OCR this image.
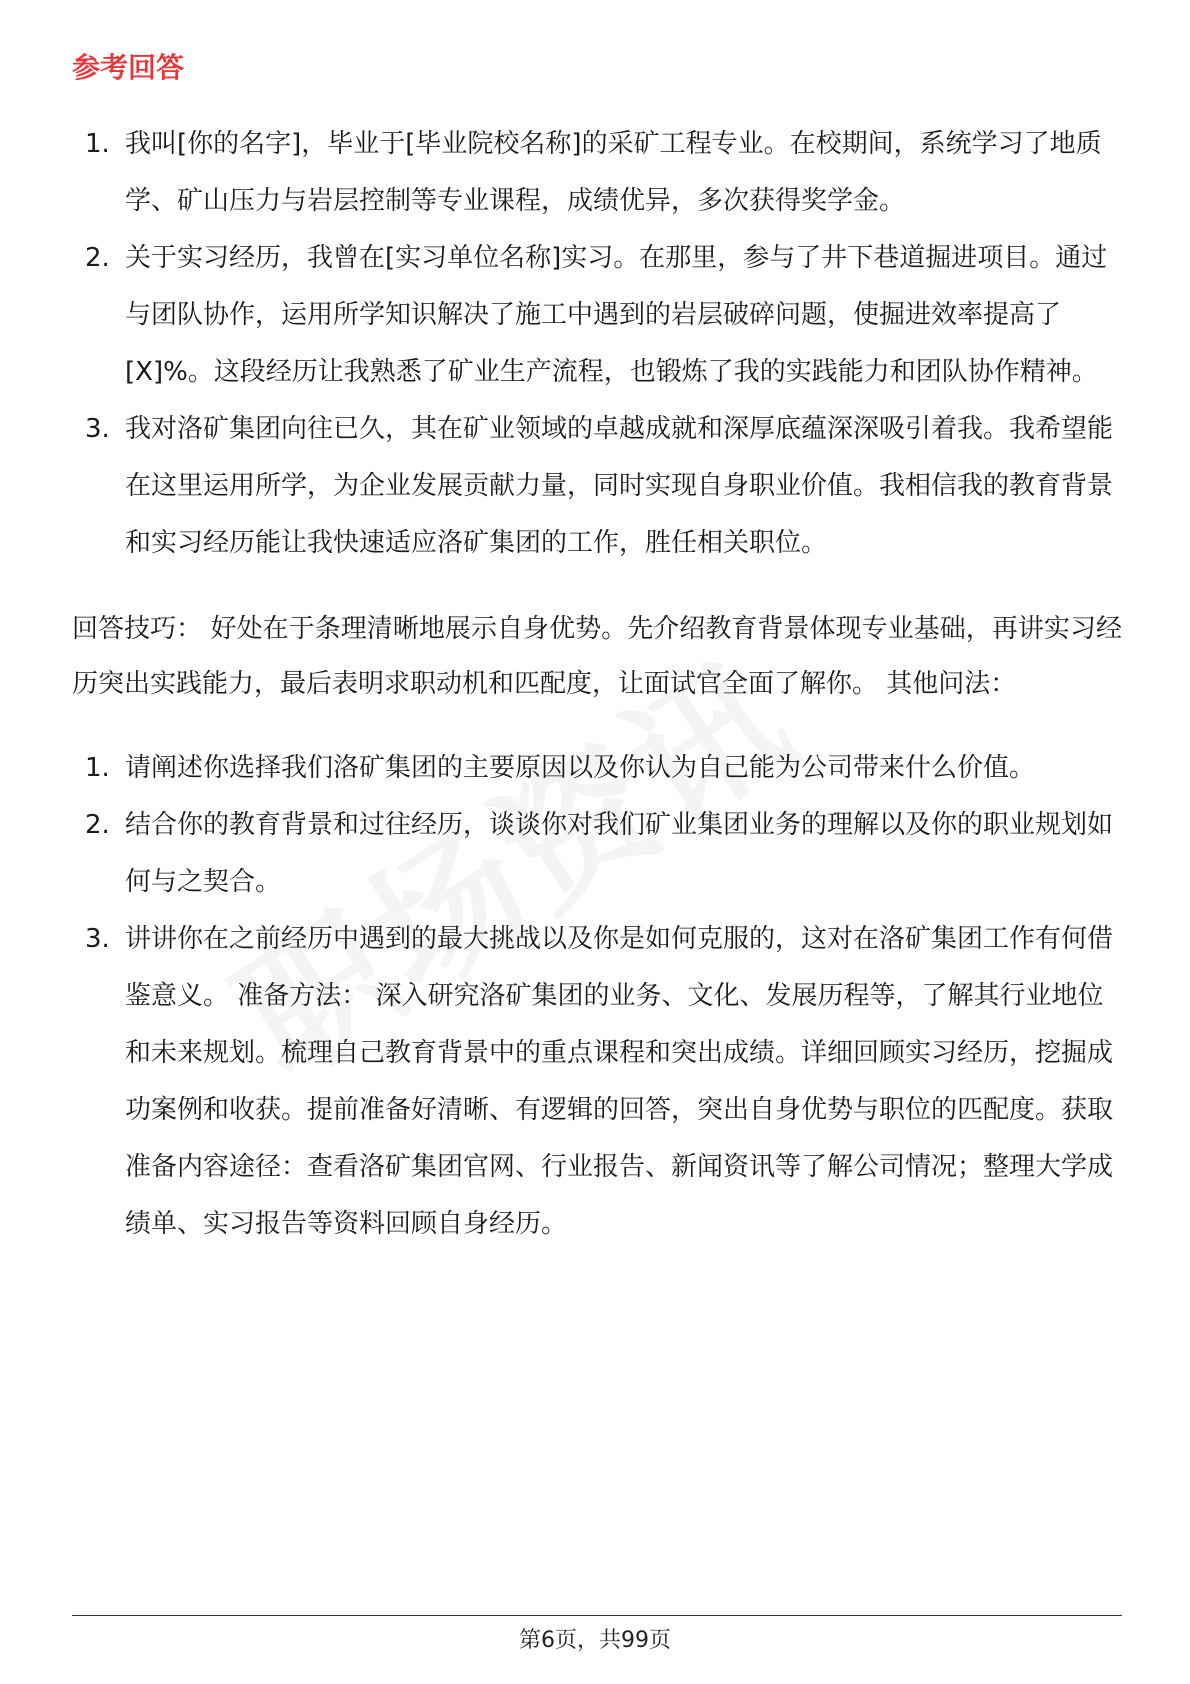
参考回答
1. 我叫[你的名字]，毕业于[毕业院校名称]的采矿工程专业。在校期间，系统学习了地质学、矿山压力与岩层控制等专业课程，成绩优异，多次获得奖学金。
2. 关于实习经历，我曾在[实习单位名称]实习。在那里，参与了井下巷道掘进项目。通过与团队协作，运用所学知识解决了施工中遇到的岩层破碎问题，使掘进效率提高了[X]%。这段经历让我熟悉了矿业生产流程，也锻炼了我的实践能力和团队协作精神。
3. 我对洛矿集团向往已久，其在矿业领域的卓越成就和深厚底蕴深深吸引着我。我希望能在这里运用所学，为企业发展贡献力量，同时实现自身职业价值。我相信我的教育背景和实习经历能让我快速适应洛矿集团的工作，胜任相关职位。
回答技巧： 好处在于条理清晰地展示自身优势。先介绍教育背景体现专业基础，再讲实习经历突出实践能力，最后表明求职动机和匹配度，让面试官全面了解你。 其他问法：
1. 请阐述你选择我们洛矿集团的主要原因以及你认为自己能为公司带来什么价值。
2. 结合你的教育背景和过往经历，谈谈你对我们矿业集团业务的理解以及你的职业规划如何与之契合。
3. 讲讲你在之前经历中遇到的最大挑战以及你是如何克服的，这对在洛矿集团工作有何借鉴意义。 准备方法： 深入研究洛矿集团的业务、文化、发展历程等，了解其行业地位和未来规划。梳理自己教育背景中的重点课程和突出成绩。详细回顾实习经历，挖掘成功案例和收获。提前准备好清晰、有逻辑的回答，突出自身优势与职位的匹配度。获取准备内容途径：查看洛矿集团官网、行业报告、新闻资讯等了解公司情况；整理大学成绩单、实习报告等资料回顾自身经历。
第6页，共99页
